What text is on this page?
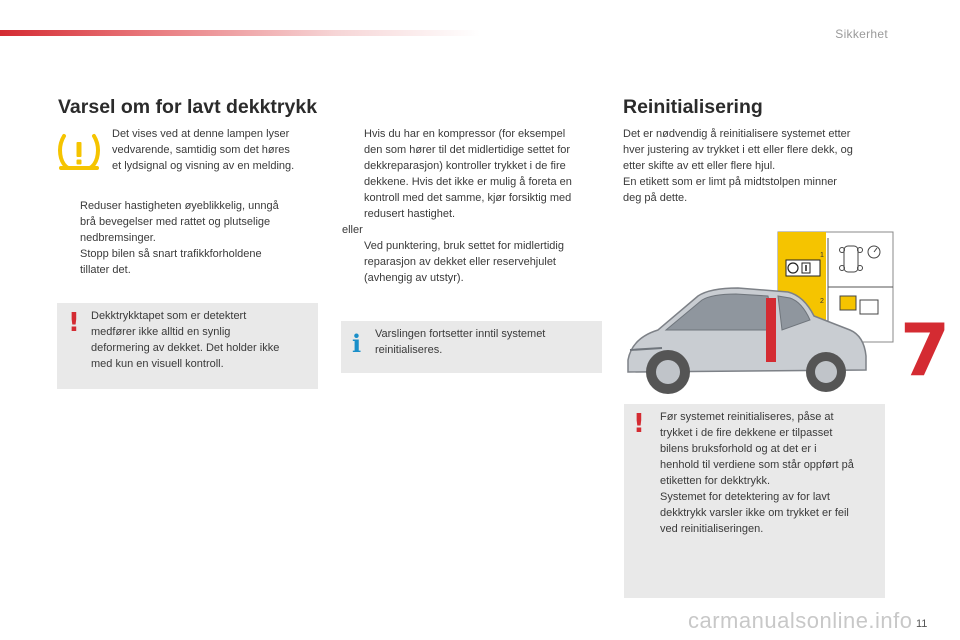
Sikkerhet
Varsel om for lavt dekktrykk
Det vises ved at denne lampen lyser
vedvarende, samtidig som det høres
et lydsignal og visning av en melding.
Reduser hastigheten øyeblikkelig, unngå
brå bevegelser med rattet og plutselige
nedbremsinger.
Stopp bilen så snart trafikkforholdene
tillater det.
! Dekktrykktapet som er detektert
medfører ikke alltid en synlig
deformering av dekket. Det holder ikke
med kun en visuell kontroll.
Hvis du har en kompressor (for eksempel
den som hører til det midlertidige settet for
dekkreparasjon) kontroller trykket i de fire
dekkene. Hvis det ikke er mulig å foreta en
kontroll med det samme, kjør forsiktig med
redusert hastighet.
eller
Ved punktering, bruk settet for midlertidig
reparasjon av dekket eller reservehjulet
(avhengig av utstyr).
i Varslingen fortsetter inntil systemet
reinitialiseres.
Reinitialisering
Det er nødvendig å reinitialisere systemet etter
hver justering av trykket i ett eller flere dekk, og
etter skifte av ett eller flere hjul.
En etikett som er limt på midtstolpen minner
deg på dette.
1
2
! Før systemet reinitialiseres, påse at
trykket i de fire dekkene er tilpasset
bilens bruksforhold og at det er i
henhold til verdiene som står oppført på
etiketten for dekktrykk.
Systemet for detektering av for lavt
dekktrykk varsler ikke om trykket er feil
ved reinitialiseringen.
7
11
carmanualsonline.info
